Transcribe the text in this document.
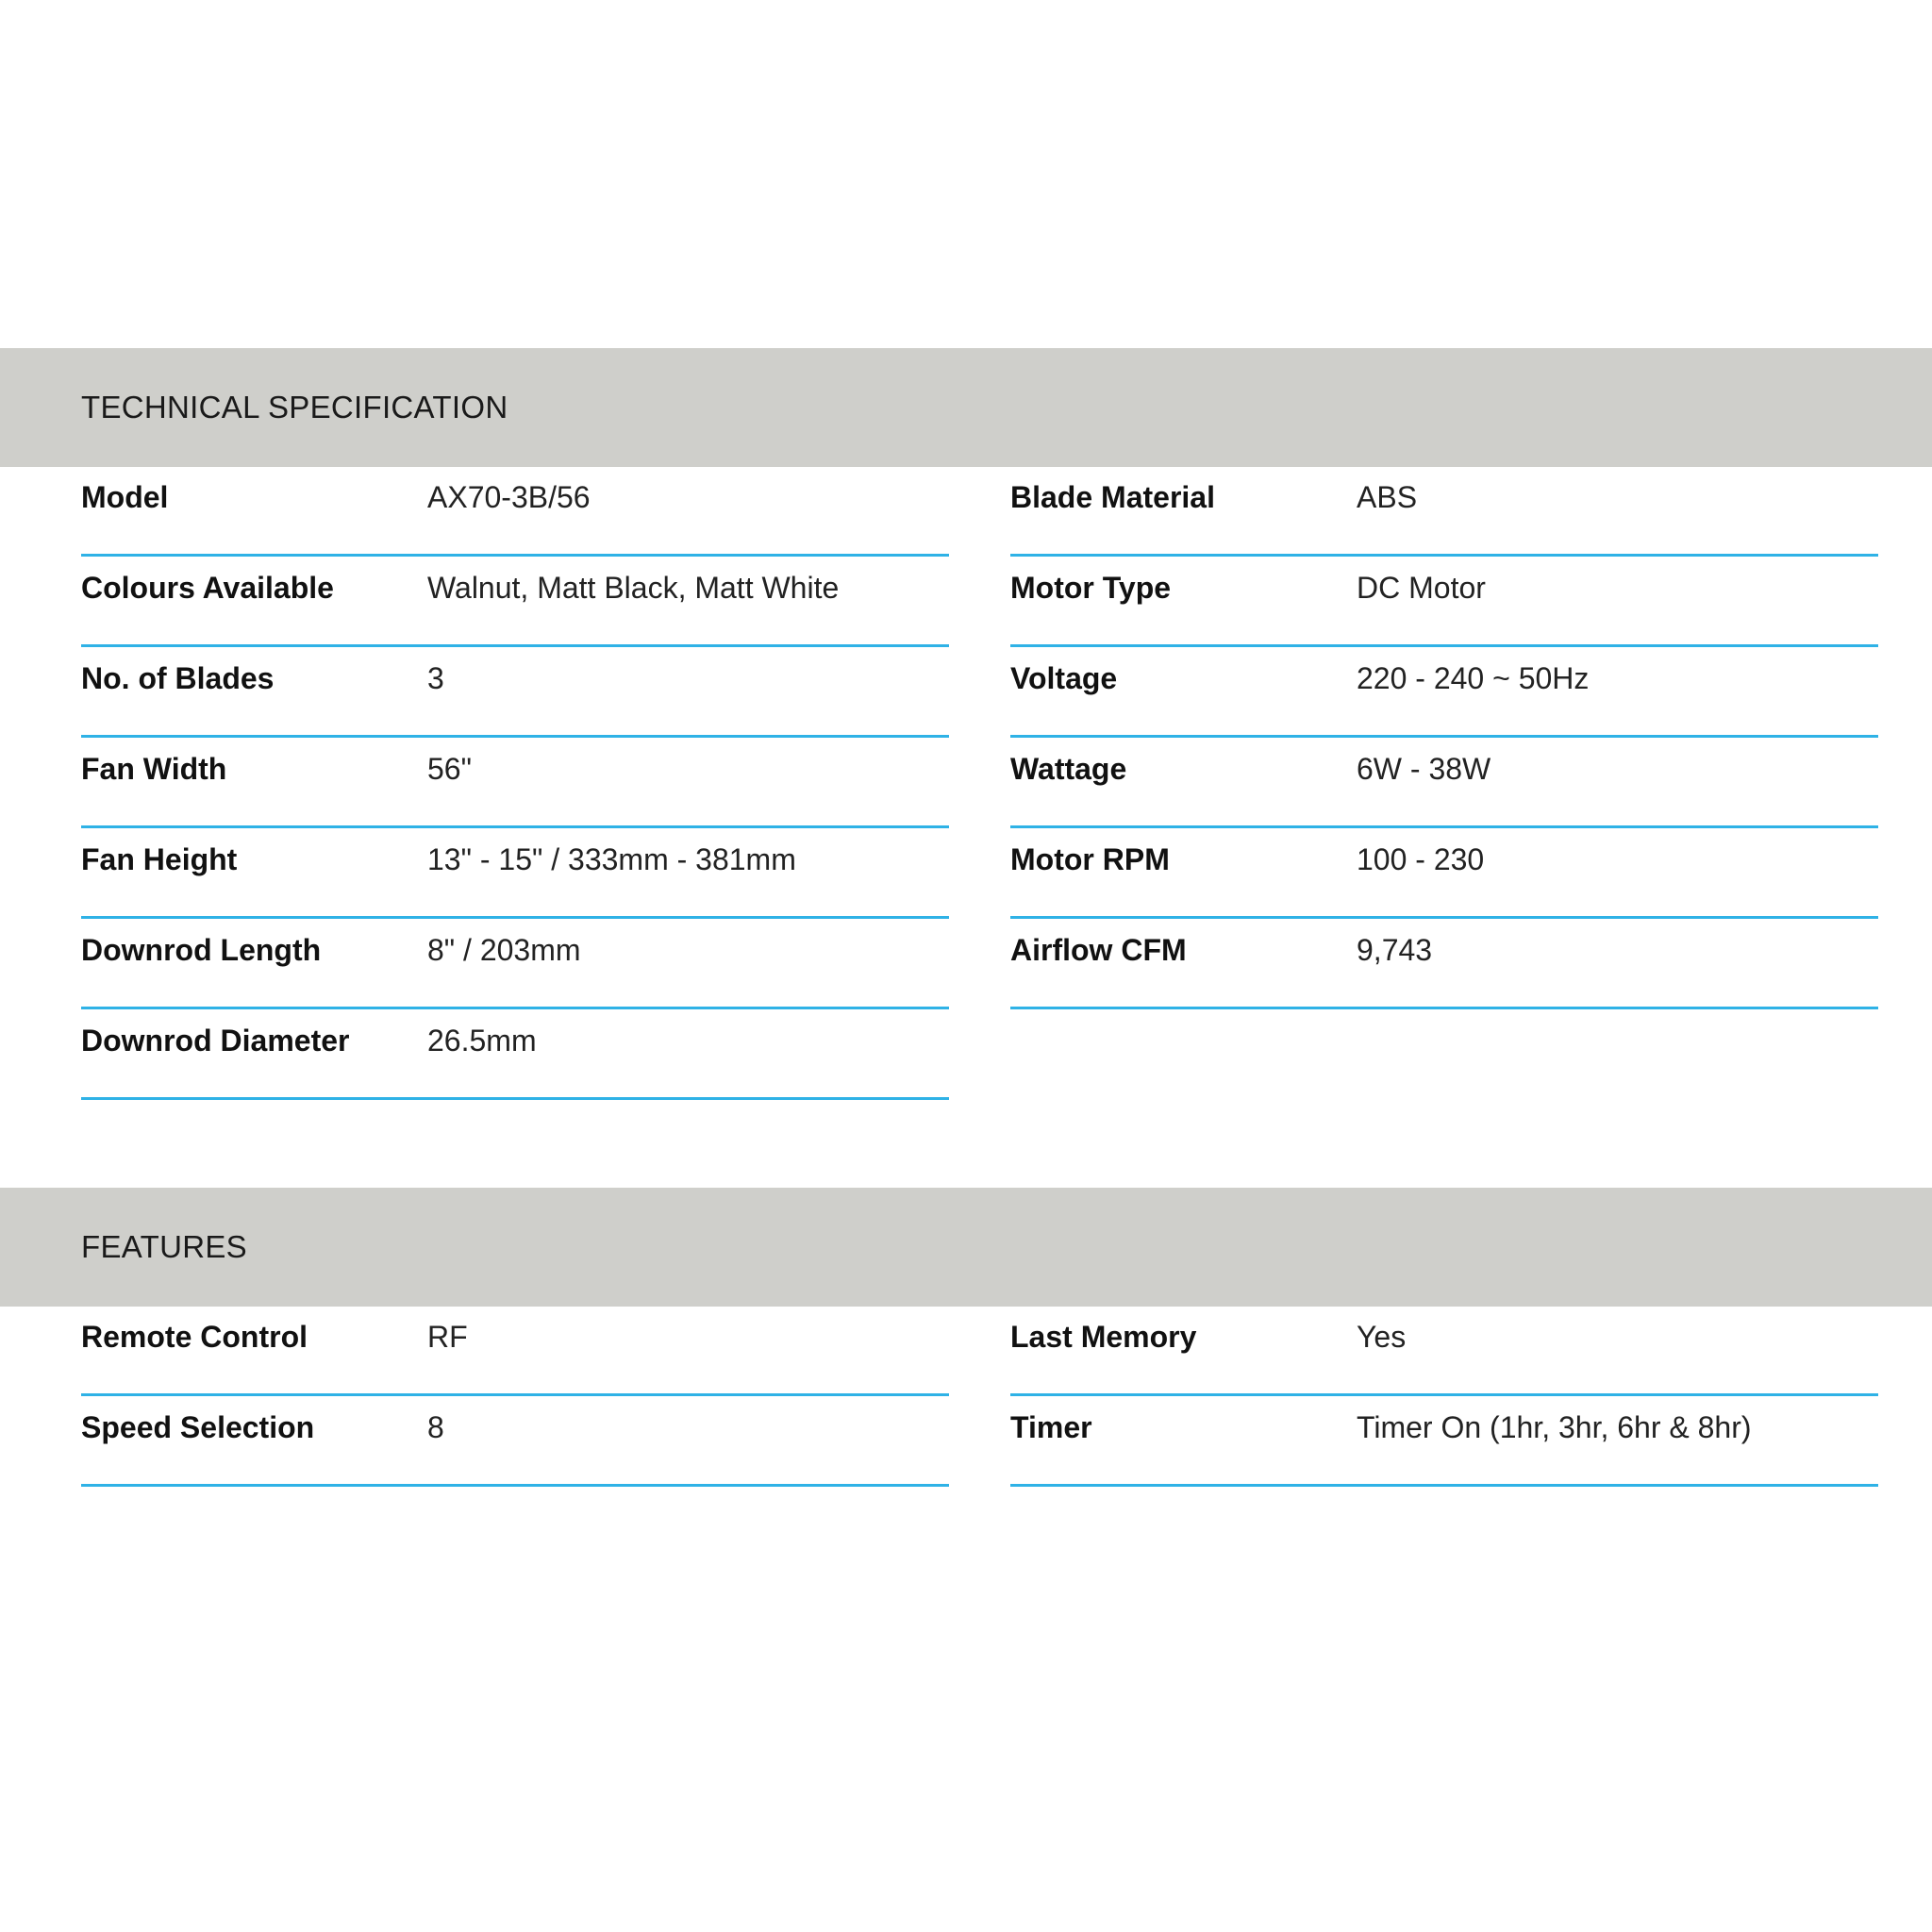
TECHNICAL SPECIFICATION
Model	AX70-3B/56
Colours Available	Walnut, Matt Black, Matt White
No. of Blades	3
Fan Width	56"
Fan Height	13" - 15" / 333mm - 381mm
Downrod Length	8" / 203mm
Downrod Diameter	26.5mm
Blade Material	ABS
Motor Type	DC Motor
Voltage	220 - 240 ~ 50Hz
Wattage	6W - 38W
Motor RPM	100 - 230
Airflow CFM	9,743
FEATURES
Remote Control	RF
Speed Selection	8
Last Memory	Yes
Timer	Timer On (1hr, 3hr, 6hr & 8hr)
